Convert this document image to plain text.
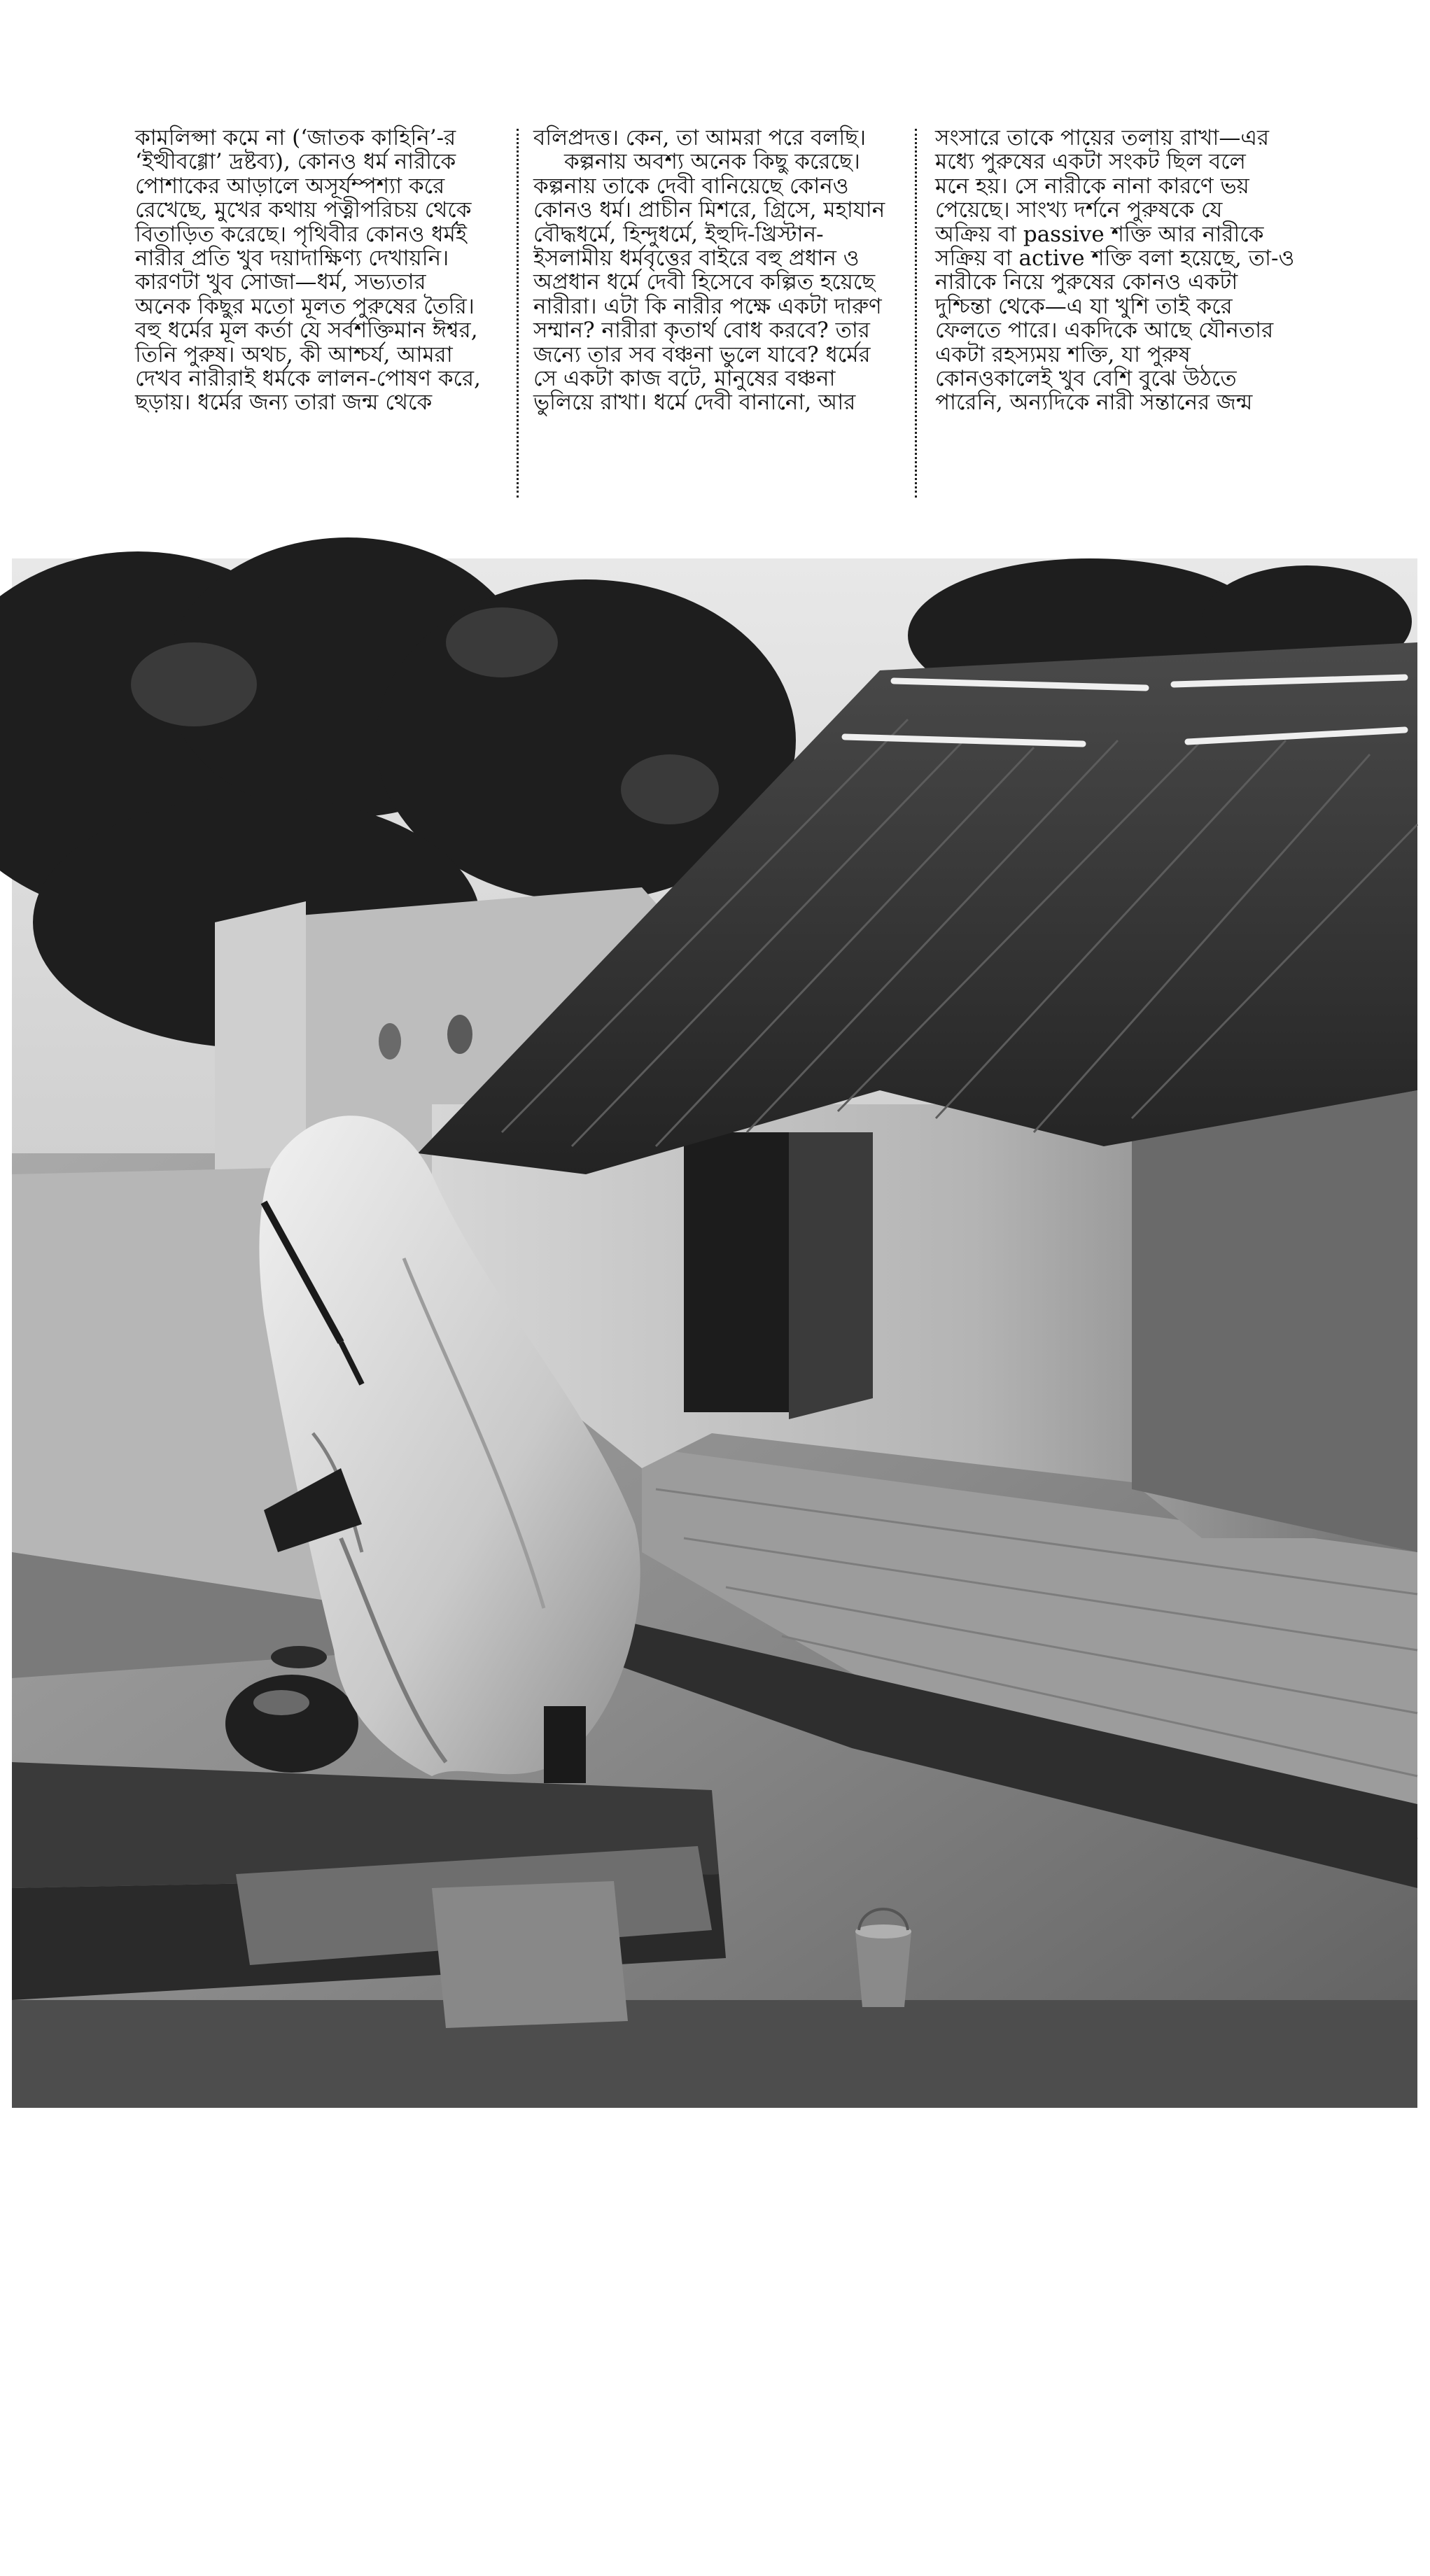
কামলিপ্সা কমে না (‘জাতক কাহিনি’-র
‘ইত্থীবগ্গো’ দ্রষ্টব্য), কোনও ধর্ম নারীকে
পোশাকের আড়ালে অসূর্যম্পশ্যা করে
রেখেছে, মুখের কথায় পত্নীপরিচয় থেকে
বিতাড়িত করেছে। পৃথিবীর কোনও ধর্মই
নারীর প্রতি খুব দয়াদাক্ষিণ্য দেখায়নি।
কারণটা খুব সোজা—ধর্ম, সভ্যতার
অনেক কিছুর মতো মূলত পুরুষের তৈরি।
বহু ধর্মের মূল কর্তা যে সর্বশক্তিমান ঈশ্বর,
তিনি পুরুষ। অথচ, কী আশ্চর্য, আমরা
দেখব নারীরাই ধর্মকে লালন-পোষণ করে,
ছড়ায়। ধর্মের জন্য তারা জন্ম থেকে
বলিপ্রদত্ত। কেন, তা আমরা পরে বলছি।
কল্পনায় অবশ্য অনেক কিছু করেছে।
কল্পনায় তাকে দেবী বানিয়েছে কোনও
কোনও ধর্ম। প্রাচীন মিশরে, গ্রিসে, মহাযান
বৌদ্ধধর্মে, হিন্দুধর্মে, ইহুদি-খ্রিস্টান-
ইসলামীয় ধর্মবৃত্তের বাইরে বহু প্রধান ও
অপ্রধান ধর্মে দেবী হিসেবে কল্পিত হয়েছে
নারীরা। এটা কি নারীর পক্ষে একটা দারুণ
সম্মান? নারীরা কৃতার্থ বোধ করবে? তার
জন্যে তার সব বঞ্চনা ভুলে যাবে? ধর্মের
সে একটা কাজ বটে, মানুষের বঞ্চনা
ভুলিয়ে রাখা। ধর্মে দেবী বানানো, আর
সংসারে তাকে পায়ের তলায় রাখা—এর
মধ্যে পুরুষের একটা সংকট ছিল বলে
মনে হয়। সে নারীকে নানা কারণে ভয়
পেয়েছে। সাংখ্য দর্শনে পুরুষকে যে
অক্রিয় বা passive শক্তি আর নারীকে
সক্রিয় বা active শক্তি বলা হয়েছে, তা-ও
নারীকে নিয়ে পুরুষের কোনও একটা
দুশ্চিন্তা থেকে—এ যা খুশি তাই করে
ফেলতে পারে। একদিকে আছে যৌনতার
একটা রহস্যময় শক্তি, যা পুরুষ
কোনওকালেই খুব বেশি বুঝে উঠতে
পারেনি, অন্যদিকে নারী সন্তানের জন্ম
রোববার ১৭
